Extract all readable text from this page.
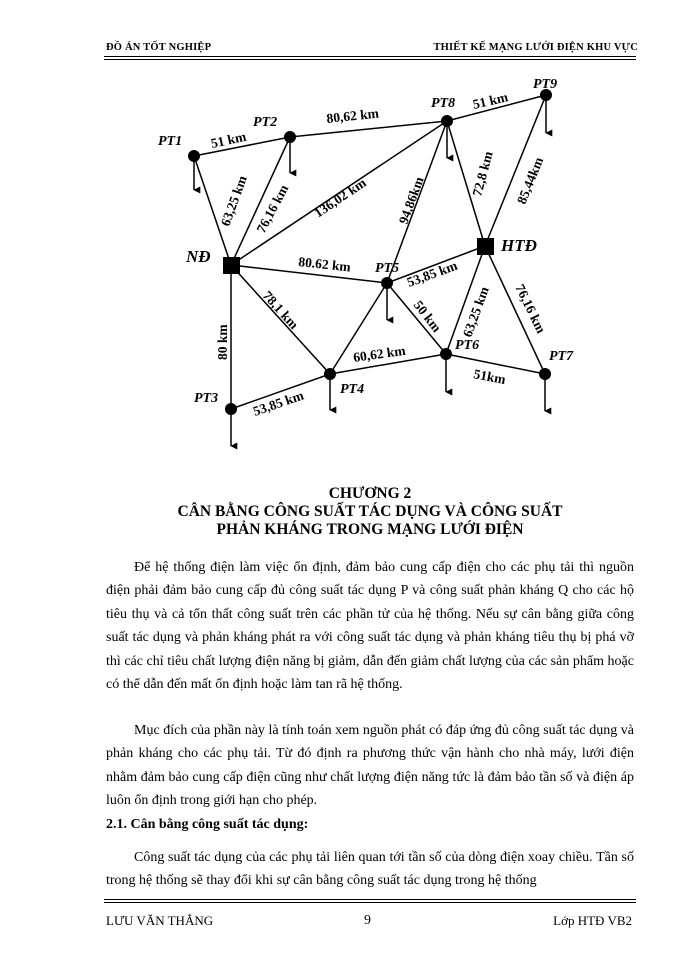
ĐỒ ÁN TỐT NGHIỆP	THIẾT KẾ MẠNG LƯỚI ĐIỆN KHU VỰC
PT1
PT2
PT8
PT9
PT5
PT6
PT7
PT4
PT3
NĐ
HTĐ
51 km
80,62 km
51 km
63,25 km 76,16 km 136,02 km 94,86km
72,8 km 85,44km
80.62 km	53,85 km
78,1 km
80 km
50 km 63,25 km 76,16 km
60,62 km
51km
53,85 km
CHƯƠNG 2
CÂN BẰNG CÔNG SUẤT TÁC DỤNG VÀ CÔNG SUẤT
PHẢN KHÁNG TRONG MẠNG LƯỚI ĐIỆN
Để hệ thống điện làm việc ổn định, đảm bảo cung cấp điện cho các phụ tải thì nguồn điện phải đảm bảo cung cấp đủ công suất tác dụng P và công suất phản kháng Q cho các hộ tiêu thụ và cả tổn thất công suất trên các phần tử của hệ thống. Nếu sự cân bằng giữa công suất tác dụng và phản kháng phát ra với công suất tác dụng và phản kháng tiêu thụ bị phá vỡ thì các chỉ tiêu chất lượng điện năng bị giảm, dẫn đến giảm chất lượng của các sản phẩm hoặc có thể dẫn đến mất ổn định hoặc làm tan rã hệ thống.
Mục đích của phần này là tính toán xem nguồn phát có đáp ứng đủ công suất tác dụng và phản kháng cho các phụ tải. Từ đó định ra phương thức vận hành cho nhà máy, lưới điện nhằm đảm bảo cung cấp điện cũng như chất lượng điện năng tức là đảm bảo tần số và điện áp luôn ổn định trong giới hạn cho phép.
2.1. Cân bằng công suất tác dụng:
Công suất tác dụng của các phụ tải liên quan tới tần số của dòng điện xoay chiều. Tần số trong hệ thống sẽ thay đổi khi sự cân bằng công suất tác dụng trong hệ thống
LƯU VĂN THẮNG	9	Lớp HTĐ VB2
